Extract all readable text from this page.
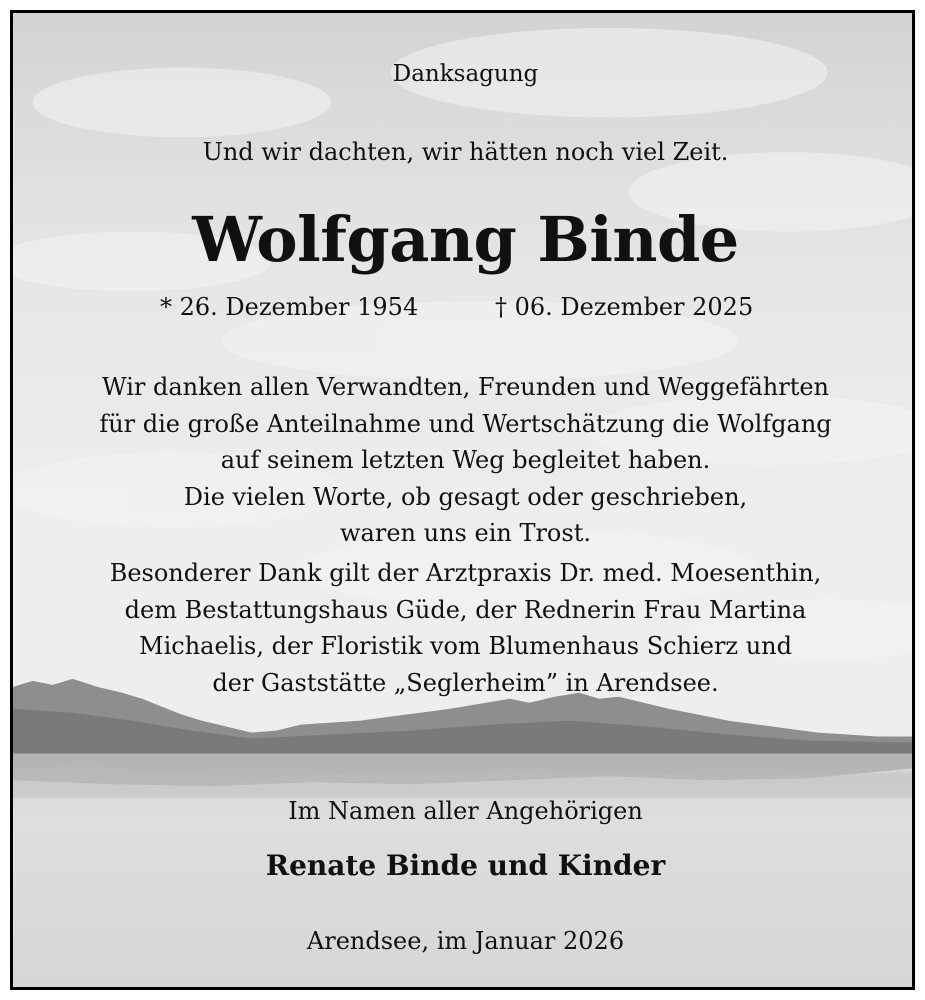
Danksagung
Und wir dachten, wir hätten noch viel Zeit.
Wolfgang Binde
* 26. Dezember 1954	† 06. Dezember 2025
Wir danken allen Verwandten, Freunden und Weggefährten
für die große Anteilnahme und Wertschätzung die Wolfgang
auf seinem letzten Weg begleitet haben.
Die vielen Worte, ob gesagt oder geschrieben,
waren uns ein Trost.
Besonderer Dank gilt der Arztpraxis Dr. med. Moesenthin,
dem Bestattungshaus Güde, der Rednerin Frau Martina
Michaelis, der Floristik vom Blumenhaus Schierz und
der Gaststätte „Seglerheim” in Arendsee.
Im Namen aller Angehörigen
Renate Binde und Kinder
Arendsee, im Januar 2026
